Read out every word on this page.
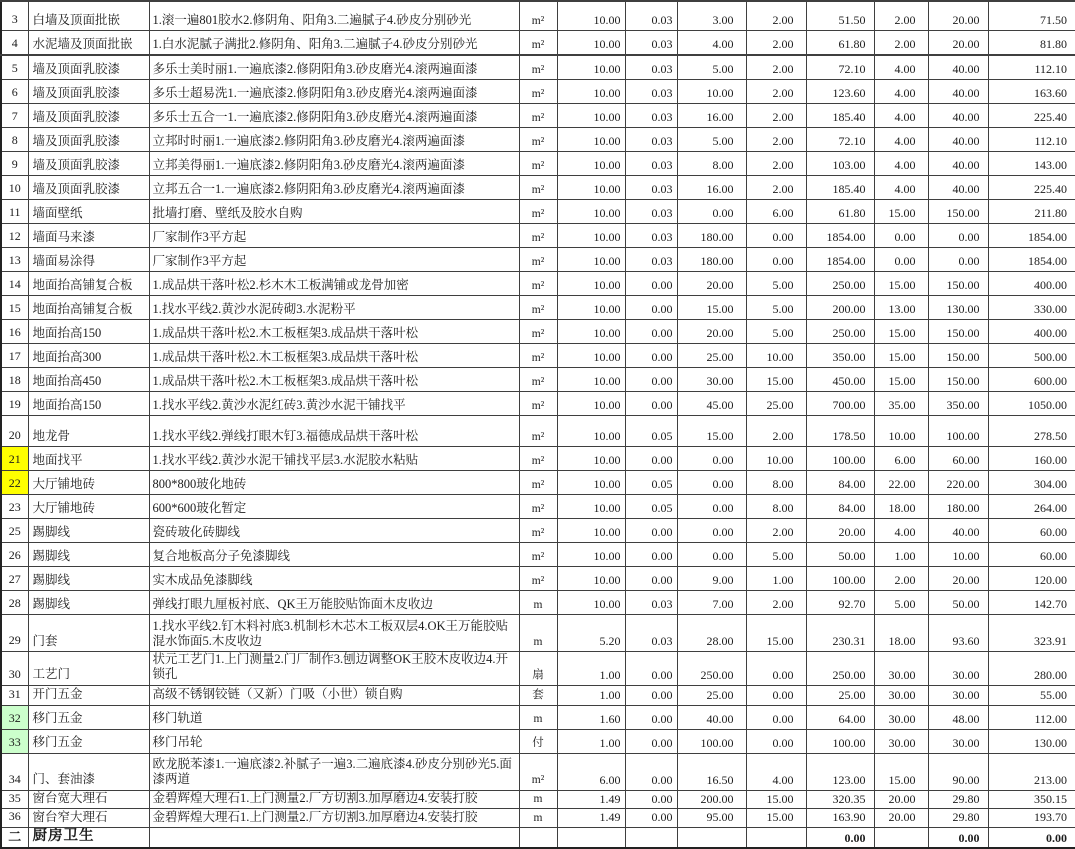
3	白墙及顶面批嵌	1.滚一遍801胶水2.修阴角、阳角3.二遍腻子4.砂皮分别砂光	m²	10.00	0.03	3.00	2.00	51.50	2.00	20.00	71.50
4	水泥墙及顶面批嵌	1.白水泥腻子满批2.修阴角、阳角3.二遍腻子4.砂皮分别砂光	m²	10.00	0.03	4.00	2.00	61.80	2.00	20.00	81.80
5	墙及顶面乳胶漆	多乐士美时丽1.一遍底漆2.修阴阳角3.砂皮磨光4.滚两遍面漆	m²	10.00	0.03	5.00	2.00	72.10	4.00	40.00	112.10
6	墙及顶面乳胶漆	多乐士超易洗1.一遍底漆2.修阴阳角3.砂皮磨光4.滚两遍面漆	m²	10.00	0.03	10.00	2.00	123.60	4.00	40.00	163.60
7	墙及顶面乳胶漆	多乐士五合一1.一遍底漆2.修阴阳角3.砂皮磨光4.滚两遍面漆	m²	10.00	0.03	16.00	2.00	185.40	4.00	40.00	225.40
8	墙及顶面乳胶漆	立邦时时丽1.一遍底漆2.修阴阳角3.砂皮磨光4.滚两遍面漆	m²	10.00	0.03	5.00	2.00	72.10	4.00	40.00	112.10
9	墙及顶面乳胶漆	立邦美得丽1.一遍底漆2.修阴阳角3.砂皮磨光4.滚两遍面漆	m²	10.00	0.03	8.00	2.00	103.00	4.00	40.00	143.00
10	墙及顶面乳胶漆	立邦五合一1.一遍底漆2.修阴阳角3.砂皮磨光4.滚两遍面漆	m²	10.00	0.03	16.00	2.00	185.40	4.00	40.00	225.40
11	墙面壁纸	批墙打磨、壁纸及胶水自购	m²	10.00	0.03	0.00	6.00	61.80	15.00	150.00	211.80
12	墙面马来漆	厂家制作3平方起	m²	10.00	0.03	180.00	0.00	1854.00	0.00	0.00	1854.00
13	墙面易涂得	厂家制作3平方起	m²	10.00	0.03	180.00	0.00	1854.00	0.00	0.00	1854.00
14	地面抬高铺复合板	1.成品烘干落叶松2.杉木木工板满铺或龙骨加密	m²	10.00	0.00	20.00	5.00	250.00	15.00	150.00	400.00
15	地面抬高铺复合板	1.找水平线2.黄沙水泥砖砌3.水泥粉平	m²	10.00	0.00	15.00	5.00	200.00	13.00	130.00	330.00
16	地面抬高150	1.成品烘干落叶松2.木工板框架3.成品烘干落叶松	m²	10.00	0.00	20.00	5.00	250.00	15.00	150.00	400.00
17	地面抬高300	1.成品烘干落叶松2.木工板框架3.成品烘干落叶松	m²	10.00	0.00	25.00	10.00	350.00	15.00	150.00	500.00
18	地面抬高450	1.成品烘干落叶松2.木工板框架3.成品烘干落叶松	m²	10.00	0.00	30.00	15.00	450.00	15.00	150.00	600.00
19	地面抬高150	1.找水平线2.黄沙水泥红砖3.黄沙水泥干铺找平	m²	10.00	0.00	45.00	25.00	700.00	35.00	350.00	1050.00
20	地龙骨	1.找水平线2.弹线打眼木钉3.福德成品烘干落叶松	m²	10.00	0.05	15.00	2.00	178.50	10.00	100.00	278.50
21	地面找平	1.找水平线2.黄沙水泥干铺找平层3.水泥胶水粘贴	m²	10.00	0.00	0.00	10.00	100.00	6.00	60.00	160.00
22	大厅铺地砖	800*800玻化地砖	m²	10.00	0.05	0.00	8.00	84.00	22.00	220.00	304.00
23	大厅铺地砖	600*600玻化暂定	m²	10.00	0.05	0.00	8.00	84.00	18.00	180.00	264.00
25	踢脚线	瓷砖玻化砖脚线	m²	10.00	0.00	0.00	2.00	20.00	4.00	40.00	60.00
26	踢脚线	复合地板高分子免漆脚线	m²	10.00	0.00	0.00	5.00	50.00	1.00	10.00	60.00
27	踢脚线	实木成品免漆脚线	m²	10.00	0.00	9.00	1.00	100.00	2.00	20.00	120.00
28	踢脚线	弹线打眼九厘板衬底、QK王万能胶贴饰面木皮收边	m	10.00	0.03	7.00	2.00	92.70	5.00	50.00	142.70
29	门套	1.找水平线2.钉木料衬底3.机制杉木芯木工板双层4.OK王万能胶贴混水饰面5.木皮收边	m	5.20	0.03	28.00	15.00	230.31	18.00	93.60	323.91
30	工艺门	状元工艺门1.上门测量2.门厂制作3.刨边调整OK王胶木皮收边4.开锁孔	扇	1.00	0.00	250.00	0.00	250.00	30.00	30.00	280.00
31	开门五金	高级不锈钢铰链（又新）门吸（小世）锁自购	套	1.00	0.00	25.00	0.00	25.00	30.00	30.00	55.00
32	移门五金	移门轨道	m	1.60	0.00	40.00	0.00	64.00	30.00	48.00	112.00
33	移门五金	移门吊轮	付	1.00	0.00	100.00	0.00	100.00	30.00	30.00	130.00
34	门、套油漆	欧龙脱苯漆1.一遍底漆2.补腻子一遍3.二遍底漆4.砂皮分别砂光5.面漆两道	m²	6.00	0.00	16.50	4.00	123.00	15.00	90.00	213.00
35	窗台宽大理石	金碧辉煌大理石1.上门测量2.厂方切割3.加厚磨边4.安装打胶	m	1.49	0.00	200.00	15.00	320.35	20.00	29.80	350.15
36	窗台窄大理石	金碧辉煌大理石1.上门测量2.厂方切割3.加厚磨边4.安装打胶	m	1.49	0.00	95.00	15.00	163.90	20.00	29.80	193.70
二	厨房卫生							0.00		0.00	0.00
